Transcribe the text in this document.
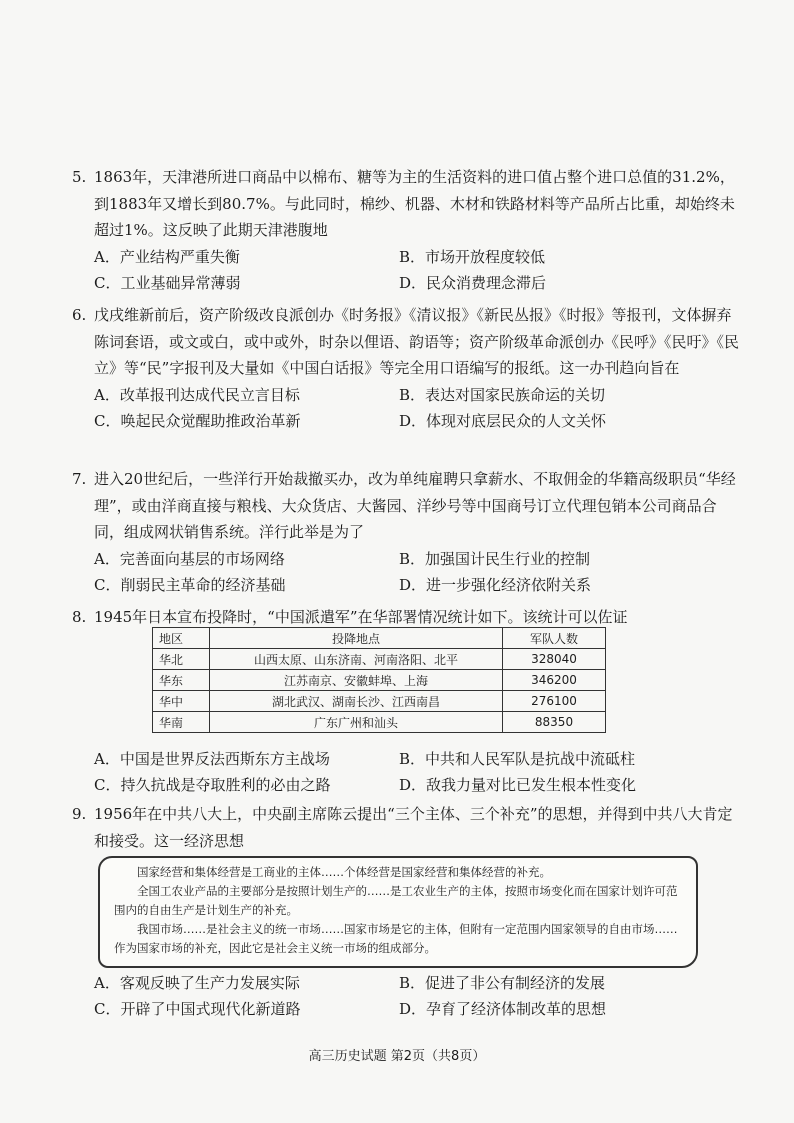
5. 1863年，天津港所进口商品中以棉布、糖等为主的生活资料的进口值占整个进口总值的31.2%，到1883年又增长到80.7%。与此同时，棉纱、机器、木材和铁路材料等产品所占比重，却始终未超过1%。这反映了此期天津港腹地

A．产业结构严重失衡	B．市场开放程度较低
C．工业基础异常薄弱	D．民众消费理念滞后

6. 戊戌维新前后，资产阶级改良派创办《时务报》《清议报》《新民丛报》《时报》等报刊，文体摒弃陈词套语，或文或白，或中或外，时杂以俚语、韵语等；资产阶级革命派创办《民呼》《民吁》《民立》等“民”字报刊及大量如《中国白话报》等完全用口语编写的报纸。这一办刊趋向旨在

A．改革报刊达成代民立言目标	B．表达对国家民族命运的关切
C．唤起民众觉醒助推政治革新	D．体现对底层民众的人文关怀

7. 进入20世纪后，一些洋行开始裁撤买办，改为单纯雇聘只拿薪水、不取佣金的华籍高级职员“华经理”，或由洋商直接与粮栈、大众货店、大酱园、洋纱号等中国商号订立代理包销本公司商品合同，组成网状销售系统。洋行此举是为了

A．完善面向基层的市场网络	B．加强国计民生行业的控制
C．削弱民主革命的经济基础	D．进一步强化经济依附关系

8. 1945年日本宣布投降时，“中国派遣军”在华部署情况统计如下。该统计可以佐证

地区	投降地点	军队人数
华北	山西太原、山东济南、河南洛阳、北平	328040
华东	江苏南京、安徽蚌埠、上海	346200
华中	湖北武汉、湖南长沙、江西南昌	276100
华南	广东广州和汕头	88350
A．中国是世界反法西斯东方主战场	B．中共和人民军队是抗战中流砥柱
C．持久抗战是夺取胜利的必由之路	D．敌我力量对比已发生根本性变化

9. 1956年在中共八大上，中央副主席陈云提出“三个主体、三个补充”的思想，并得到中共八大肯定和接受。这一经济思想

国家经营和集体经营是工商业的主体……个体经营是国家经营和集体经营的补充。

全国工农业产品的主要部分是按照计划生产的……是工农业生产的主体，按照市场变化而在国家计划许可范围内的自由生产是计划生产的补充。

我国市场……是社会主义的统一市场……国家市场是它的主体，但附有一定范围内国家领导的自由市场……作为国家市场的补充，因此它是社会主义统一市场的组成部分。

A．客观反映了生产力发展实际	B．促进了非公有制经济的发展
C．开辟了中国式现代化新道路	D．孕育了经济体制改革的思想
高三历史试题 第2页（共8页）
